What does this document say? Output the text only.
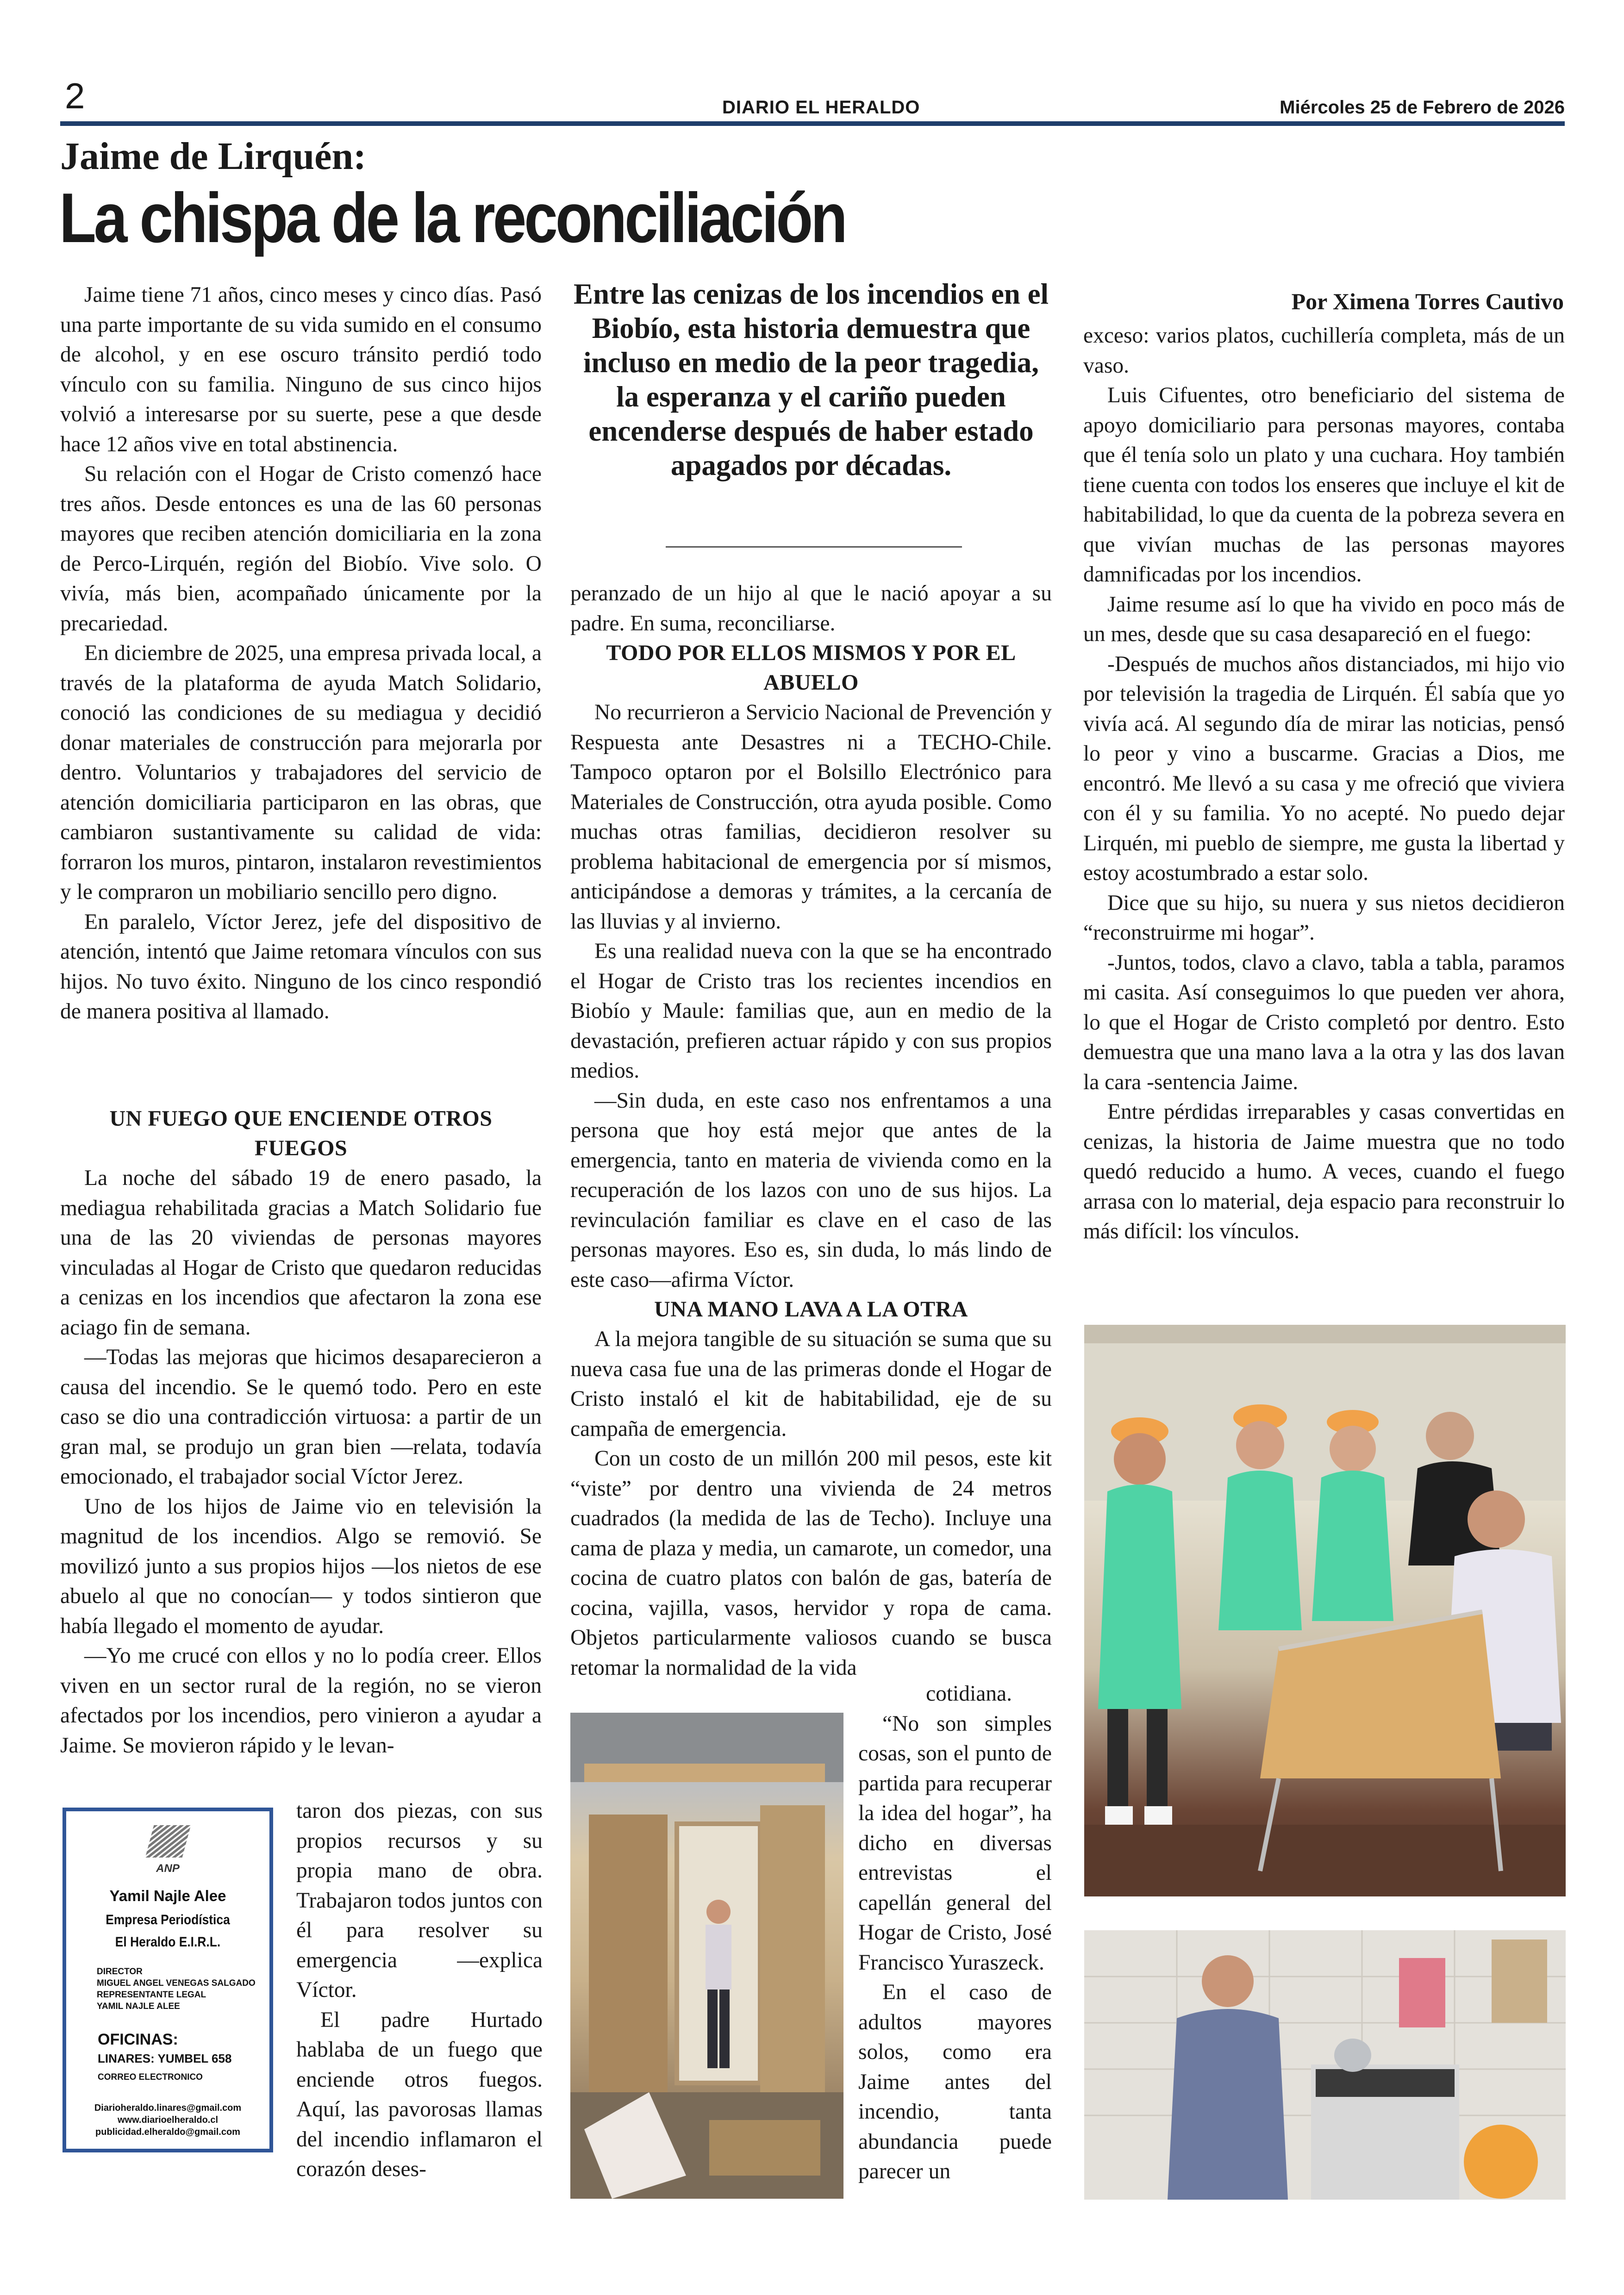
2	DIARIO EL HERALDO	Miércoles 25 de Febrero de 2026
Jaime de Lirquén:
La chispa de la reconciliación

Jaime tiene 71 años, cinco meses y cinco días. Pasó una parte importante de su vida sumido en el consumo de alcohol, y en ese oscuro tránsito perdió todo vínculo con su familia. Ninguno de sus cinco hijos volvió a interesarse por su suerte, pese a que desde hace 12 años vive en total abstinencia.

Su relación con el Hogar de Cristo comenzó hace tres años. Desde entonces es una de las 60 personas mayores que reciben atención domiciliaria en la zona de Perco-Lirquén, región del Biobío. Vive solo. O vivía, más bien, acompañado únicamente por la precariedad.

En diciembre de 2025, una empresa privada local, a través de la plataforma de ayuda Match Solidario, conoció las condiciones de su mediagua y decidió donar materiales de construcción para mejorarla por dentro. Voluntarios y trabajadores del servicio de atención domiciliaria participaron en las obras, que cambiaron sustantivamente su calidad de vida: forraron los muros, pintaron, instalaron revestimientos y le compraron un mobiliario sencillo pero digno.

En paralelo, Víctor Jerez, jefe del dispositivo de atención, intentó que Jaime retomara vínculos con sus hijos. No tuvo éxito. Ninguno de los cinco respondió de manera positiva al llamado.

UN FUEGO QUE ENCIENDE OTROS FUEGOS

La noche del sábado 19 de enero pasado, la mediagua rehabilitada gracias a Match Solidario fue una de las 20 viviendas de personas mayores vinculadas al Hogar de Cristo que quedaron reducidas a cenizas en los incendios que afectaron la zona ese aciago fin de semana.

—Todas las mejoras que hicimos desaparecieron a causa del incendio. Se le quemó todo. Pero en este caso se dio una contradicción virtuosa: a partir de un gran mal, se produjo un gran bien —relata, todavía emocionado, el trabajador social Víctor Jerez.

Uno de los hijos de Jaime vio en televisión la magnitud de los incendios. Algo se removió. Se movilizó junto a sus propios hijos —los nietos de ese abuelo al que no conocían— y todos sintieron que había llegado el momento de ayudar.

—Yo me crucé con ellos y no lo podía creer. Ellos viven en un sector rural de la región, no se vieron afectados por los incendios, pero vinieron a ayudar a Jaime. Se movieron rápido y le levan-

taron dos piezas, con sus propios recursos y su propia mano de obra. Trabajaron todos juntos con él para resolver su emergencia —explica Víctor.

El padre Hurtado hablaba de un fuego que enciende otros fuegos. Aquí, las pavorosas llamas del incendio inflamaron el corazón deses-

ANP
Yamil Najle Alee
Empresa Periodística
El Heraldo E.I.R.L.
DIRECTOR
MIGUEL ANGEL VENEGAS SALGADO
REPRESENTANTE LEGAL
YAMIL NAJLE ALEE
OFICINAS:
LINARES: YUMBEL 658
CORREO ELECTRONICO
Diarioheraldo.linares@gmail.com
www.diarioelheraldo.cl
publicidad.elheraldo@gmail.com
Entre las cenizas de los incendios en el Biobío, esta historia demuestra que incluso en medio de la peor tragedia, la esperanza y el cariño pueden encenderse después de haber estado apagados por décadas.

peranzado de un hijo al que le nació apoyar a su padre. En suma, reconciliarse.

TODO POR ELLOS MISMOS Y POR EL ABUELO

No recurrieron a Servicio Nacional de Prevención y Respuesta ante Desastres ni a TECHO-Chile. Tampoco optaron por el Bolsillo Electrónico para Materiales de Construcción, otra ayuda posible. Como muchas otras familias, decidieron resolver su problema habitacional de emergencia por sí mismos, anticipándose a demoras y trámites, a la cercanía de las lluvias y al invierno.

Es una realidad nueva con la que se ha encontrado el Hogar de Cristo tras los recientes incendios en Biobío y Maule: familias que, aun en medio de la devastación, prefieren actuar rápido y con sus propios medios.

—Sin duda, en este caso nos enfrentamos a una persona que hoy está mejor que antes de la emergencia, tanto en materia de vivienda como en la recuperación de los lazos con uno de sus hijos. La revinculación familiar es clave en el caso de las personas mayores. Eso es, sin duda, lo más lindo de este caso—afirma Víctor.

UNA MANO LAVA A LA OTRA

A la mejora tangible de su situación se suma que su nueva casa fue una de las primeras donde el Hogar de Cristo instaló el kit de habitabilidad, eje de su campaña de emergencia.

Con un costo de un millón 200 mil pesos, este kit “viste” por dentro una vivienda de 24 metros cuadrados (la medida de las de Techo). Incluye una cama de plaza y media, un camarote, un comedor, una cocina de cuatro platos con balón de gas, batería de cocina, vajilla, vasos, hervidor y ropa de cama. Objetos particularmente valiosos cuando se busca retomar la normalidad de la vida

cotidiana.

“No son simples cosas, son el punto de partida para recuperar la idea del hogar”, ha dicho en diversas entrevistas el capellán general del Hogar de Cristo, José Francisco Yuraszeck.

En el caso de adultos mayores solos, como era Jaime antes del incendio, tanta abundancia puede parecer un

Por Ximena Torres Cautivo

exceso: varios platos, cuchillería completa, más de un vaso.

Luis Cifuentes, otro beneficiario del sistema de apoyo domiciliario para personas mayores, contaba que él tenía solo un plato y una cuchara. Hoy también tiene cuenta con todos los enseres que incluye el kit de habitabilidad, lo que da cuenta de la pobreza severa en que vivían muchas de las personas mayores damnificadas por los incendios.

Jaime resume así lo que ha vivido en poco más de un mes, desde que su casa desapareció en el fuego:

-Después de muchos años distanciados, mi hijo vio por televisión la tragedia de Lirquén. Él sabía que yo vivía acá. Al segundo día de mirar las noticias, pensó lo peor y vino a buscarme. Gracias a Dios, me encontró. Me llevó a su casa y me ofreció que viviera con él y su familia. Yo no acepté. No puedo dejar Lirquén, mi pueblo de siempre, me gusta la libertad y estoy acostumbrado a estar solo.

Dice que su hijo, su nuera y sus nietos decidieron “reconstruirme mi hogar”.

-Juntos, todos, clavo a clavo, tabla a tabla, paramos mi casita. Así conseguimos lo que pueden ver ahora, lo que el Hogar de Cristo completó por dentro. Esto demuestra que una mano lava a la otra y las dos lavan la cara -sentencia Jaime.

Entre pérdidas irreparables y casas convertidas en cenizas, la historia de Jaime muestra que no todo quedó reducido a humo. A veces, cuando el fuego arrasa con lo material, deja espacio para reconstruir lo más difícil: los vínculos.
